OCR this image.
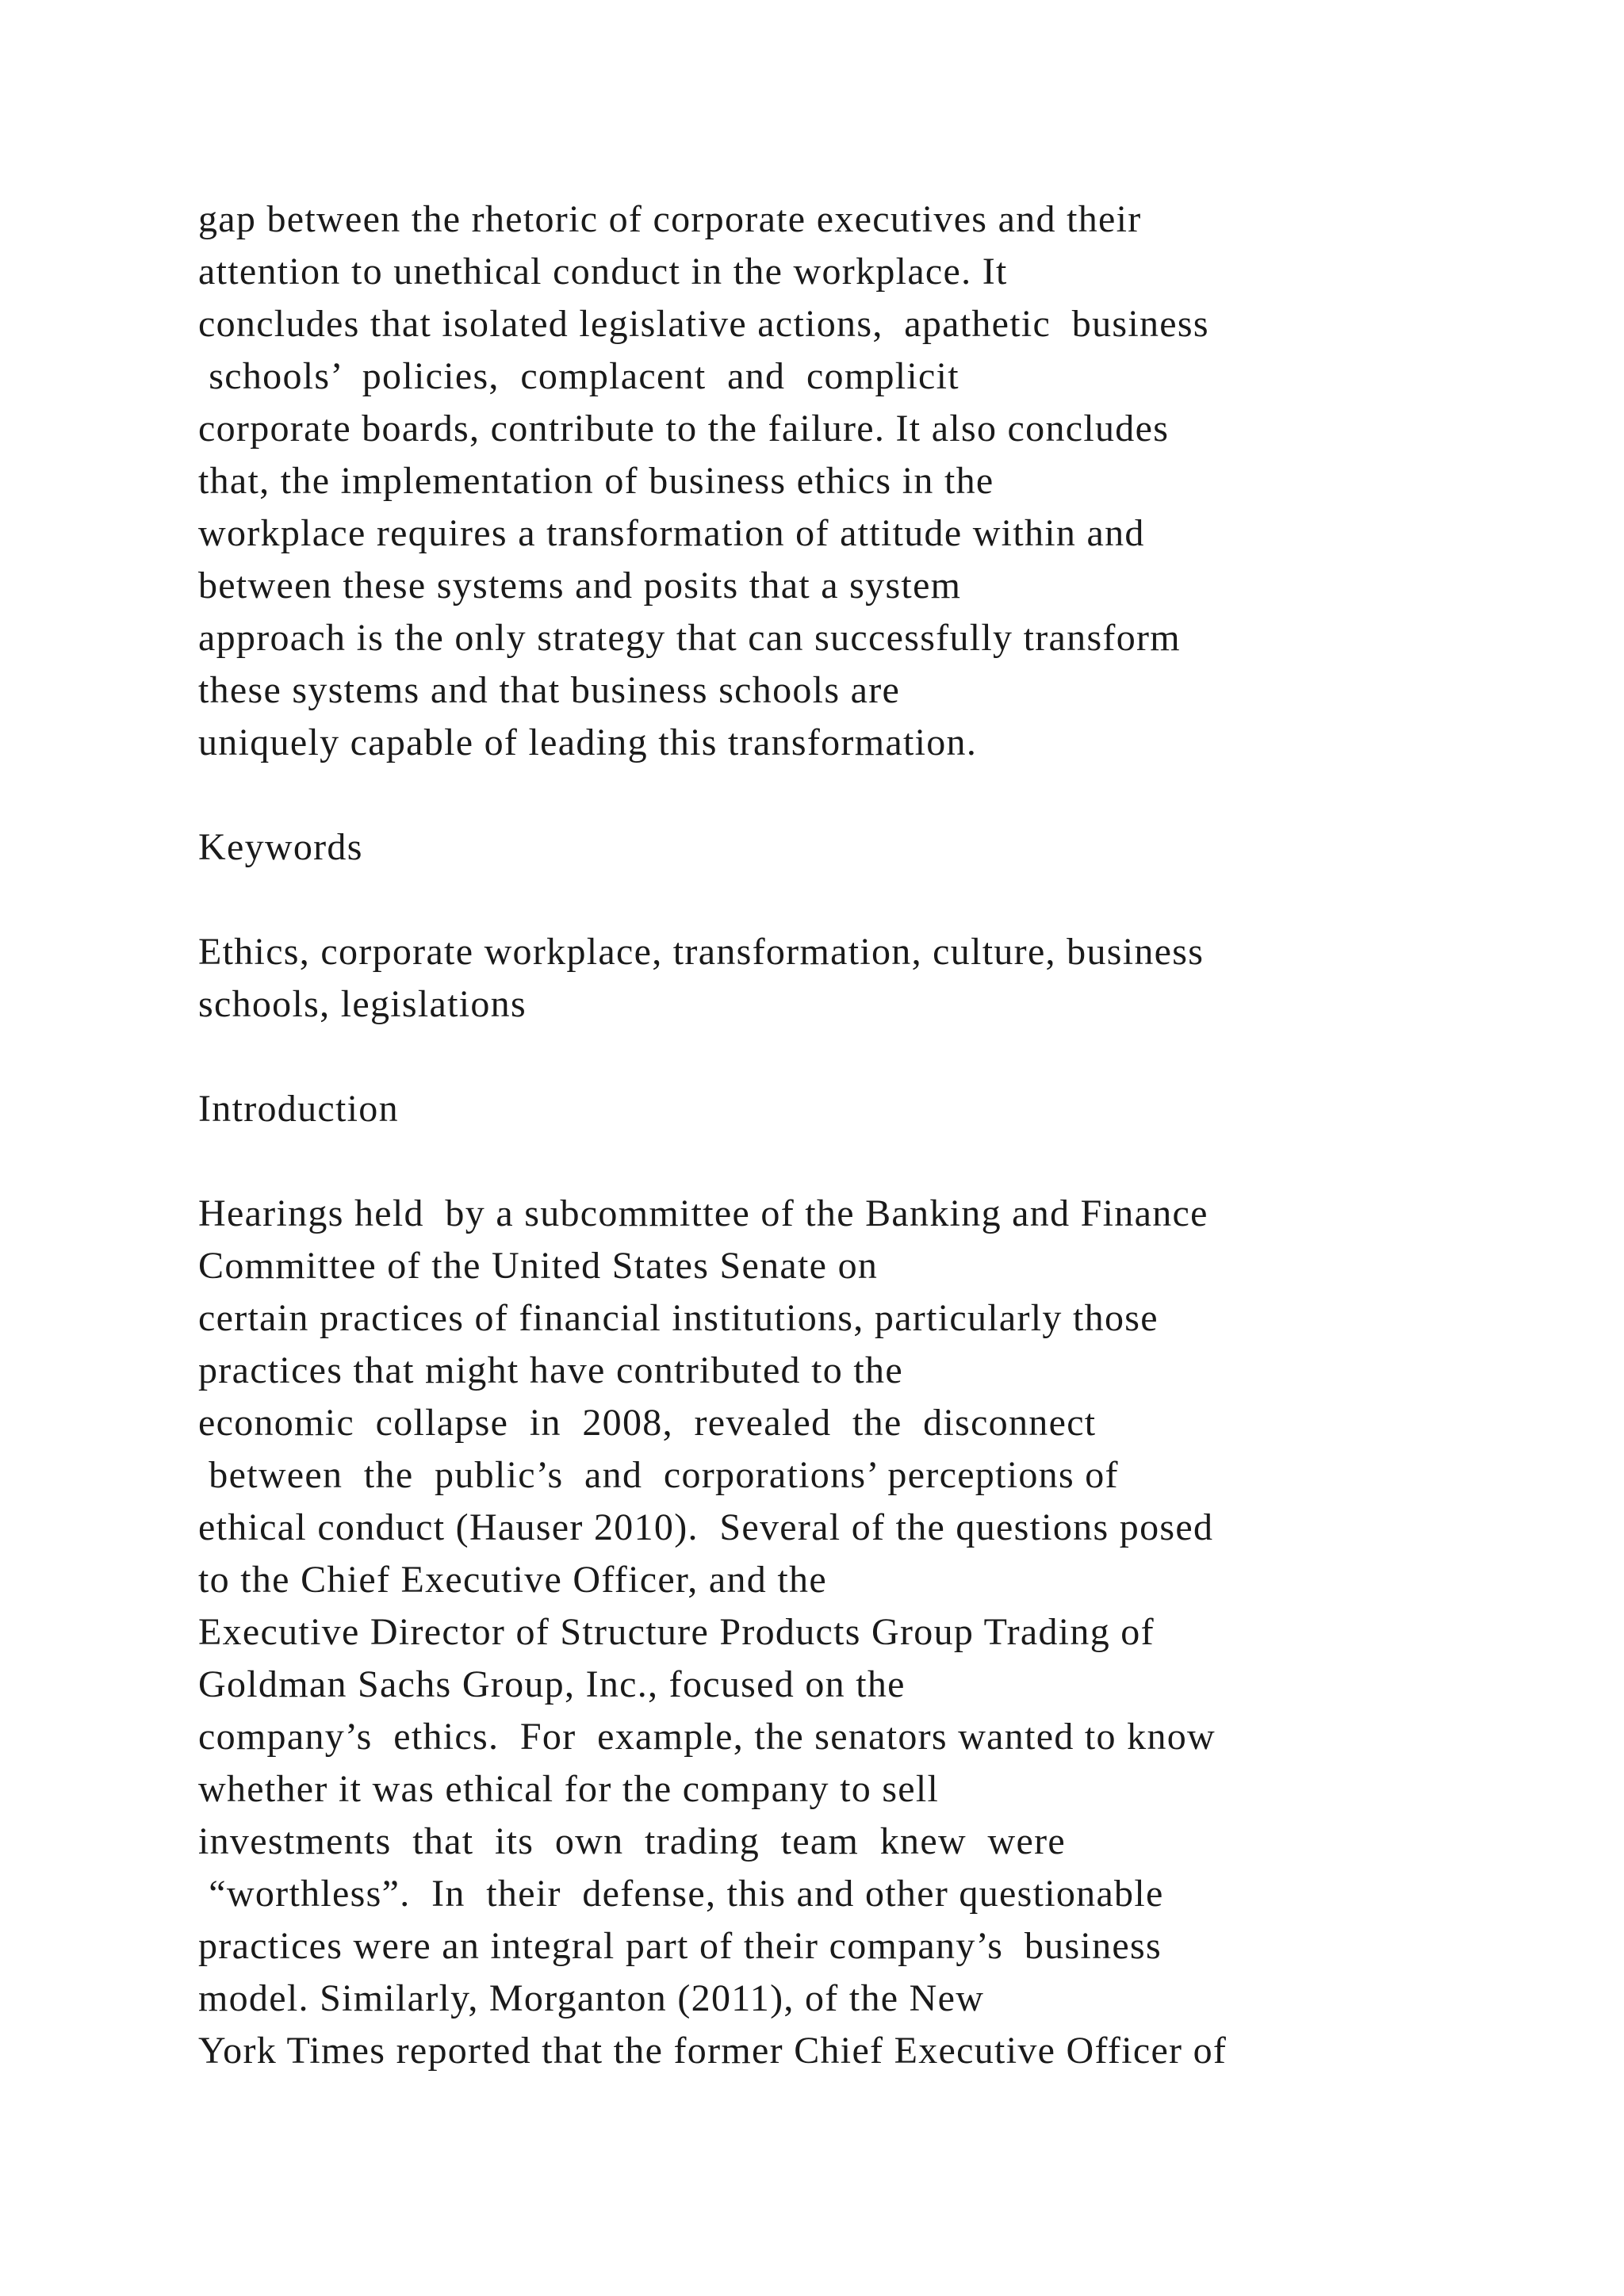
gap between the rhetoric of corporate executives and their
attention to unethical conduct in the workplace. It
concludes that isolated legislative actions,  apathetic  business
schools’  policies,  complacent  and  complicit
corporate boards, contribute to the failure. It also concludes
that, the implementation of business ethics in the
workplace requires a transformation of attitude within and
between these systems and posits that a system
approach is the only strategy that can successfully transform
these systems and that business schools are
uniquely capable of leading this transformation.
Keywords
Ethics, corporate workplace, transformation, culture, business
schools, legislations
Introduction
Hearings held  by a subcommittee of the Banking and Finance
Committee of the United States Senate on
certain practices of financial institutions, particularly those
practices that might have contributed to the
economic  collapse  in  2008,  revealed  the  disconnect
between  the  public’s  and  corporations’ perceptions of
ethical conduct (Hauser 2010).  Several of the questions posed
to the Chief Executive Officer, and the
Executive Director of Structure Products Group Trading of
Goldman Sachs Group, Inc., focused on the
company’s  ethics.  For  example, the senators wanted to know
whether it was ethical for the company to sell
investments  that  its  own  trading  team  knew  were
“worthless”.  In  their  defense, this and other questionable
practices were an integral part of their company’s  business
model. Similarly, Morganton (2011), of the New
York Times reported that the former Chief Executive Officer of
